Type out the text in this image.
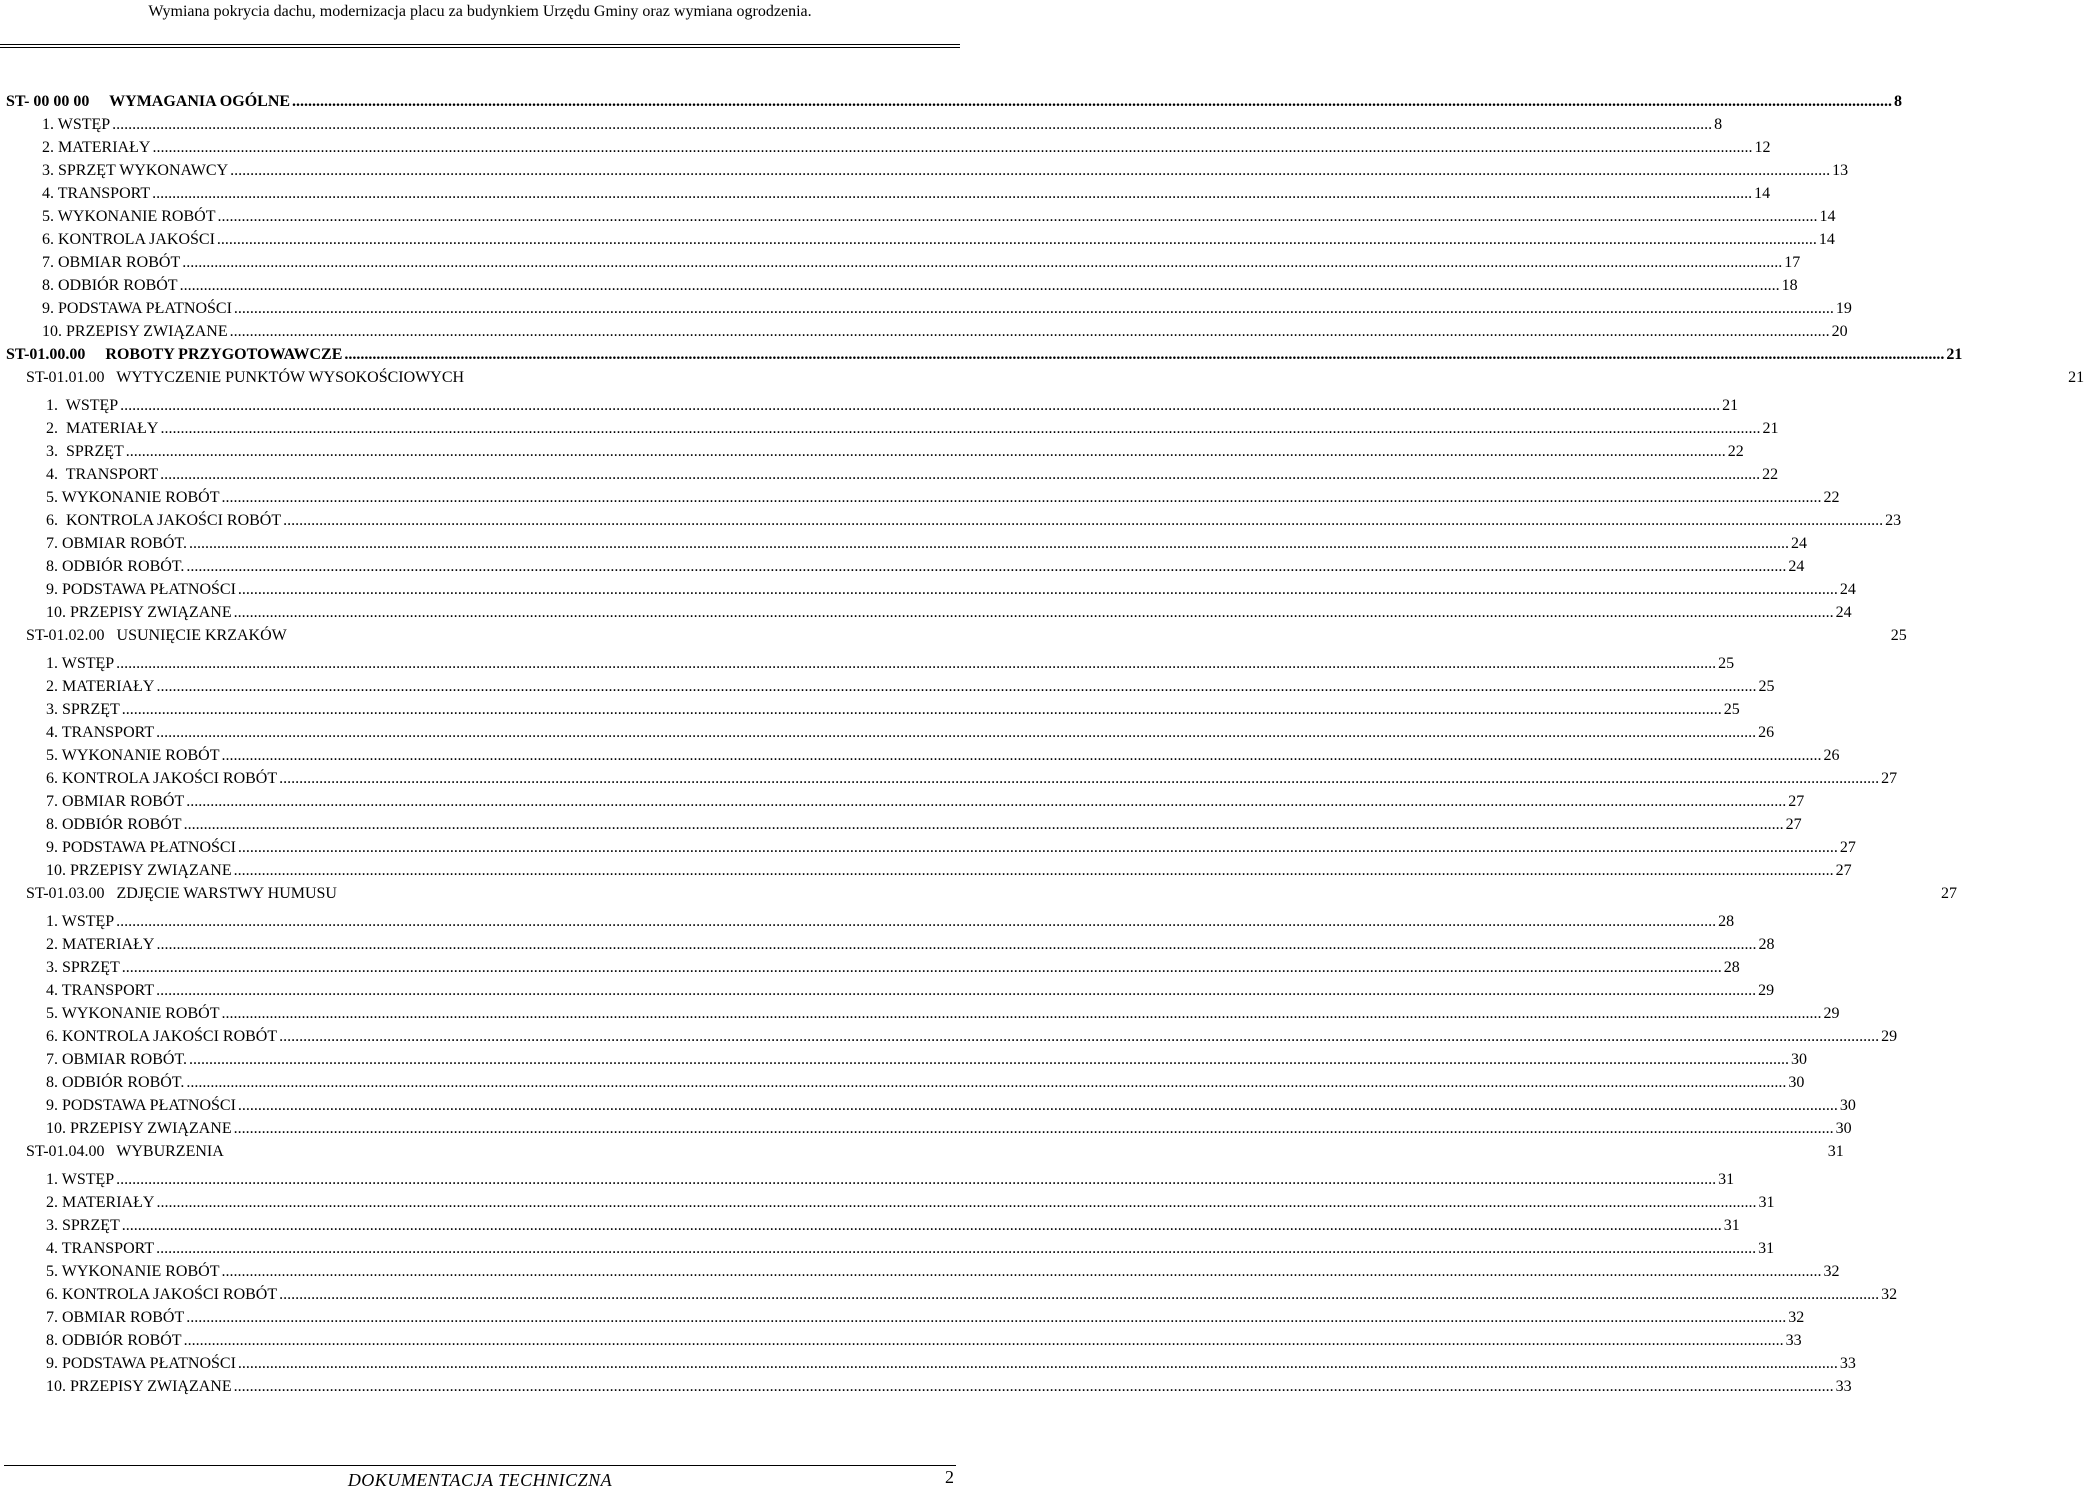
Wymiana pokrycia dachu, modernizacja placu za budynkiem Urzędu Gminy oraz wymiana ogrodzenia.
ST- 00 00 00     WYMAGANIA OGÓLNE ................................................................................................................................................................................................................................................................................................................................................................................................................ 8
1. WSTĘP ................................................................................................................................................................................................................................................................................................................................................................................................................ 8
2. MATERIAŁY ................................................................................................................................................................................................................................................................................................................................................................................................................ 12
3. SPRZĘT WYKONAWCY ................................................................................................................................................................................................................................................................................................................................................................................................................ 13
4. TRANSPORT ................................................................................................................................................................................................................................................................................................................................................................................................................ 14
5. WYKONANIE ROBÓT ................................................................................................................................................................................................................................................................................................................................................................................................................ 14
6. KONTROLA JAKOŚCI ................................................................................................................................................................................................................................................................................................................................................................................................................ 14
7. OBMIAR ROBÓT ................................................................................................................................................................................................................................................................................................................................................................................................................ 17
8. ODBIÓR ROBÓT ................................................................................................................................................................................................................................................................................................................................................................................................................ 18
9. PODSTAWA PŁATNOŚCI ................................................................................................................................................................................................................................................................................................................................................................................................................ 19
10. PRZEPISY ZWIĄZANE ................................................................................................................................................................................................................................................................................................................................................................................................................ 20
ST-01.00.00     ROBOTY PRZYGOTOWAWCZE ................................................................................................................................................................................................................................................................................................................................................................................................................ 21
ST-01.01.00   WYTYCZENIE PUNKTÓW WYSOKOŚCIOWYCH	21
1.  WSTĘP ................................................................................................................................................................................................................................................................................................................................................................................................................ 21
2.  MATERIAŁY ................................................................................................................................................................................................................................................................................................................................................................................................................ 21
3.  SPRZĘT ................................................................................................................................................................................................................................................................................................................................................................................................................ 22
4.  TRANSPORT ................................................................................................................................................................................................................................................................................................................................................................................................................ 22
5. WYKONANIE ROBÓT ................................................................................................................................................................................................................................................................................................................................................................................................................ 22
6.  KONTROLA JAKOŚCI ROBÓT ................................................................................................................................................................................................................................................................................................................................................................................................................ 23
7. OBMIAR ROBÓT. ................................................................................................................................................................................................................................................................................................................................................................................................................ 24
8. ODBIÓR ROBÓT. ................................................................................................................................................................................................................................................................................................................................................................................................................ 24
9. PODSTAWA PŁATNOŚCI ................................................................................................................................................................................................................................................................................................................................................................................................................ 24
10. PRZEPISY ZWIĄZANE ................................................................................................................................................................................................................................................................................................................................................................................................................ 24
ST-01.02.00   USUNIĘCIE KRZAKÓW	25
1. WSTĘP ................................................................................................................................................................................................................................................................................................................................................................................................................ 25
2. MATERIAŁY ................................................................................................................................................................................................................................................................................................................................................................................................................ 25
3. SPRZĘT ................................................................................................................................................................................................................................................................................................................................................................................................................ 25
4. TRANSPORT ................................................................................................................................................................................................................................................................................................................................................................................................................ 26
5. WYKONANIE ROBÓT ................................................................................................................................................................................................................................................................................................................................................................................................................ 26
6. KONTROLA JAKOŚCI ROBÓT ................................................................................................................................................................................................................................................................................................................................................................................................................ 27
7. OBMIAR ROBÓT ................................................................................................................................................................................................................................................................................................................................................................................................................ 27
8. ODBIÓR ROBÓT ................................................................................................................................................................................................................................................................................................................................................................................................................ 27
9. PODSTAWA PŁATNOŚCI ................................................................................................................................................................................................................................................................................................................................................................................................................ 27
10. PRZEPISY ZWIĄZANE ................................................................................................................................................................................................................................................................................................................................................................................................................ 27
ST-01.03.00   ZDJĘCIE WARSTWY HUMUSU	27
1. WSTĘP ................................................................................................................................................................................................................................................................................................................................................................................................................ 28
2. MATERIAŁY ................................................................................................................................................................................................................................................................................................................................................................................................................ 28
3. SPRZĘT ................................................................................................................................................................................................................................................................................................................................................................................................................ 28
4. TRANSPORT ................................................................................................................................................................................................................................................................................................................................................................................................................ 29
5. WYKONANIE ROBÓT ................................................................................................................................................................................................................................................................................................................................................................................................................ 29
6. KONTROLA JAKOŚCI ROBÓT ................................................................................................................................................................................................................................................................................................................................................................................................................ 29
7. OBMIAR ROBÓT. ................................................................................................................................................................................................................................................................................................................................................................................................................ 30
8. ODBIÓR ROBÓT. ................................................................................................................................................................................................................................................................................................................................................................................................................ 30
9. PODSTAWA PŁATNOŚCI ................................................................................................................................................................................................................................................................................................................................................................................................................ 30
10. PRZEPISY ZWIĄZANE ................................................................................................................................................................................................................................................................................................................................................................................................................ 30
ST-01.04.00   WYBURZENIA	31
1. WSTĘP ................................................................................................................................................................................................................................................................................................................................................................................................................ 31
2. MATERIAŁY ................................................................................................................................................................................................................................................................................................................................................................................................................ 31
3. SPRZĘT ................................................................................................................................................................................................................................................................................................................................................................................................................ 31
4. TRANSPORT ................................................................................................................................................................................................................................................................................................................................................................................................................ 31
5. WYKONANIE ROBÓT ................................................................................................................................................................................................................................................................................................................................................................................................................ 32
6. KONTROLA JAKOŚCI ROBÓT ................................................................................................................................................................................................................................................................................................................................................................................................................ 32
7. OBMIAR ROBÓT ................................................................................................................................................................................................................................................................................................................................................................................................................ 32
8. ODBIÓR ROBÓT ................................................................................................................................................................................................................................................................................................................................................................................................................ 33
9. PODSTAWA PŁATNOŚCI ................................................................................................................................................................................................................................................................................................................................................................................................................ 33
10. PRZEPISY ZWIĄZANE ................................................................................................................................................................................................................................................................................................................................................................................................................ 33
DOKUMENTACJA TECHNICZNA	2
